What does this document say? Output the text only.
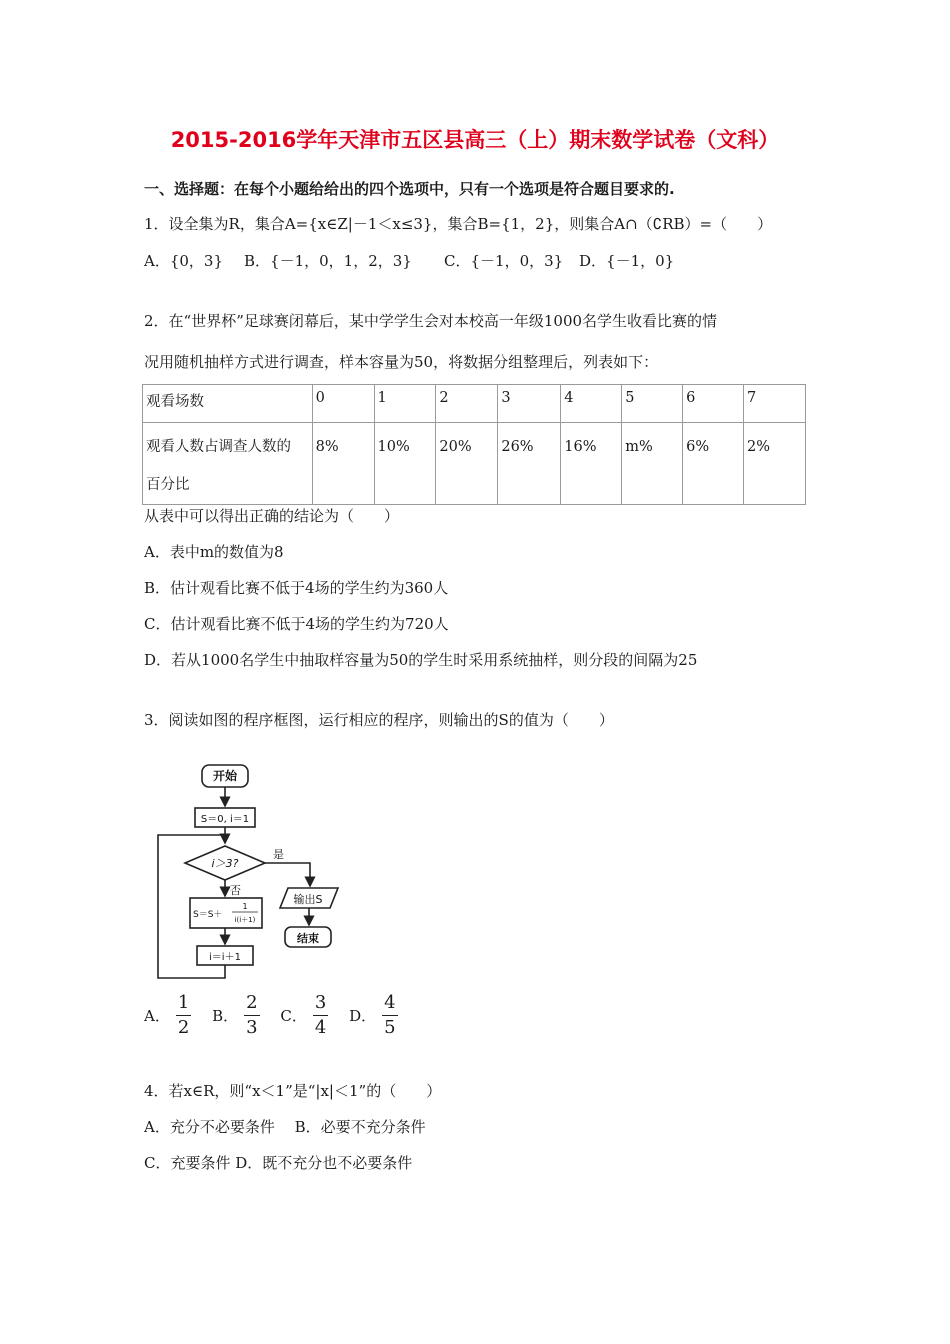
2015-2016学年天津市五区县高三（上）期末数学试卷（文科）
一、选择题：在每个小题给给出的四个选项中，只有一个选项是符合题目要求的.
1．设全集为R，集合A={x∈Z|－1＜x≤3}，集合B={1，2}，则集合A∩（∁RB）=（　　）
A．{0，3} B．{－1，0，1，2，3} C．{－1，0，3} D．{－1，0}
2．在“世界杯”足球赛闭幕后，某中学学生会对本校高一年级1000名学生收看比赛的情
况用随机抽样方式进行调查，样本容量为50，将数据分组整理后，列表如下：
观看场数	0	1	2	3	4	5	6	7
观看人数占调查人数的
百分比	8%	10%	20%	26%	16%	m%	6%	2%
从表中可以得出正确的结论为（　　）
A．表中m的数值为8
B．估计观看比赛不低于4场的学生约为360人
C．估计观看比赛不低于4场的学生约为720人
D．若从1000名学生中抽取样容量为50的学生时采用系统抽样，则分段的间隔为25
3．阅读如图的程序框图，运行相应的程序，则输出的S的值为（　　）
开始
S＝0, i＝1
i＞3?
是
否
S＝S＋
1
i(i＋1)
i＝i＋1
输出S
结束
A． $\frac{1}{2}$ B． $\frac{2}{3}$ C． $\frac{3}{4}$ D． $\frac{4}{5}$
4．若x∈R，则“x＜1”是“|x|＜1”的（　　）
A．充分不必要条件　 B．必要不充分条件
C．充要条件 D．既不充分也不必要条件
